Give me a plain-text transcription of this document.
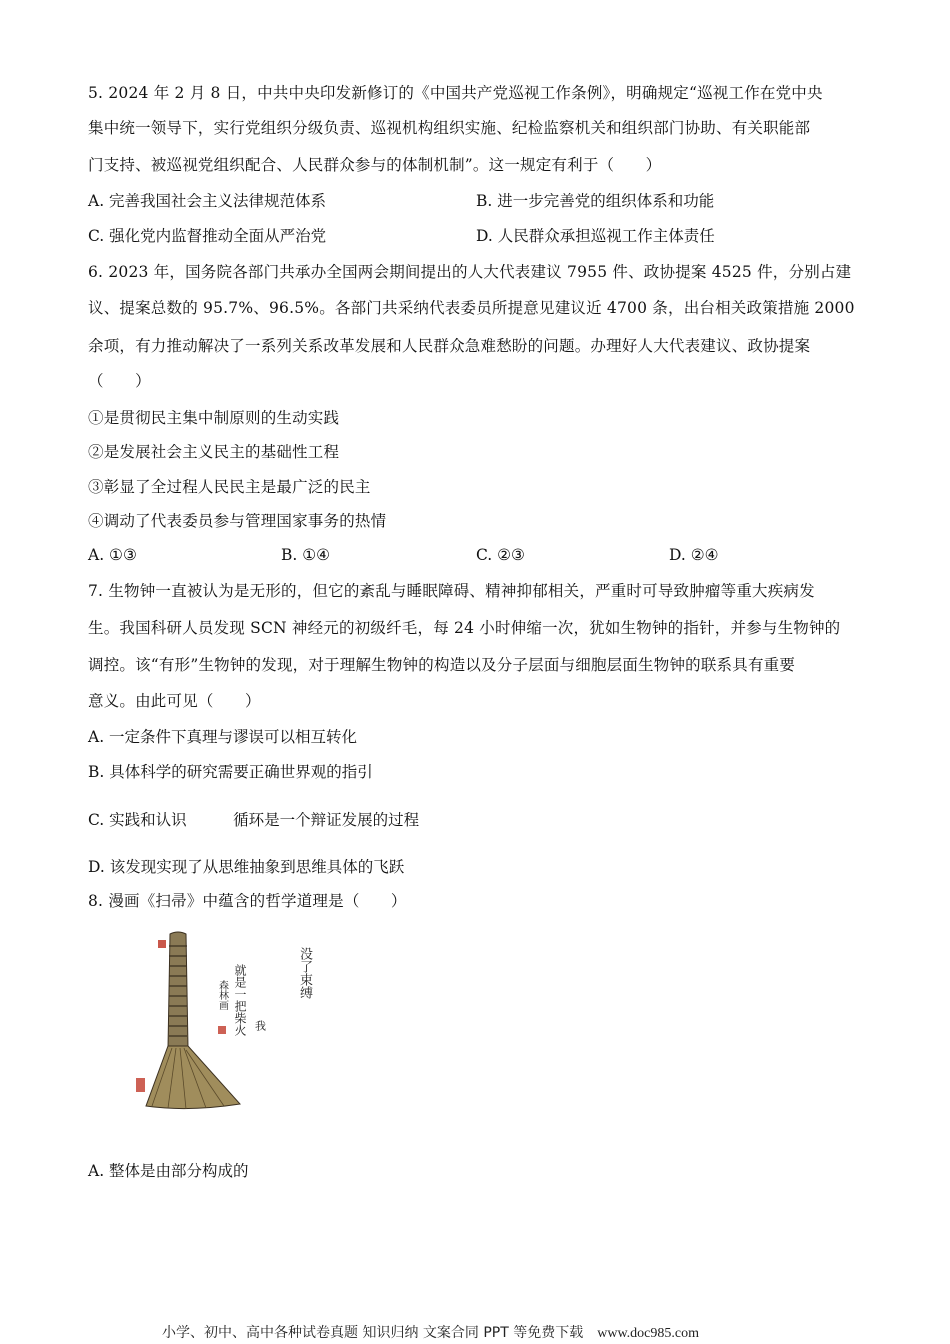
5. 2024 年 2 月 8 日，中共中央印发新修订的《中国共产党巡视工作条例》，明确规定“巡视工作在党中央
集中统一领导下，实行党组织分级负责、巡视机构组织实施、纪检监察机关和组织部门协助、有关职能部
门支持、被巡视党组织配合、人民群众参与的体制机制”。这一规定有利于（　　）
A. 完善我国社会主义法律规范体系	B. 进一步完善党的组织体系和功能
C. 强化党内监督推动全面从严治党	D. 人民群众承担巡视工作主体责任
6. 2023 年，国务院各部门共承办全国两会期间提出的人大代表建议 7955 件、政协提案 4525 件，分别占建
议、提案总数的 95.7%、96.5%。各部门共采纳代表委员所提意见建议近 4700 条，出台相关政策措施 2000
余项，有力推动解决了一系列关系改革发展和人民群众急难愁盼的问题。办理好人大代表建议、政协提案
（　　）
①是贯彻民主集中制原则的生动实践
②是发展社会主义民主的基础性工程
③彰显了全过程人民民主是最广泛的民主
④调动了代表委员参与管理国家事务的热情
A. ①③	B. ①④	C. ②③	D. ②④
7. 生物钟一直被认为是无形的，但它的紊乱与睡眠障碍、精神抑郁相关，严重时可导致肿瘤等重大疾病发
生。我国科研人员发现 SCN 神经元的初级纤毛，每 24 小时伸缩一次，犹如生物钟的指针，并参与生物钟的
调控。该“有形”生物钟的发现，对于理解生物钟的构造以及分子层面与细胞层面生物钟的联系具有重要
意义。由此可见（　　）
A. 一定条件下真理与谬误可以相互转化
B. 具体科学的研究需要正确世界观的指引
C. 实践和认识　　　循环是一个辩证发展的过程
D. 该发现实现了从思维抽象到思维具体的飞跃
8. 漫画《扫帚》中蕴含的哲学道理是（　　）
没了束缚
我
就是一把柴火
森林画
A. 整体是由部分构成的
小学、初中、高中各种试卷真题 知识归纳 文案合同 PPT 等免费下载 www.doc985.com
